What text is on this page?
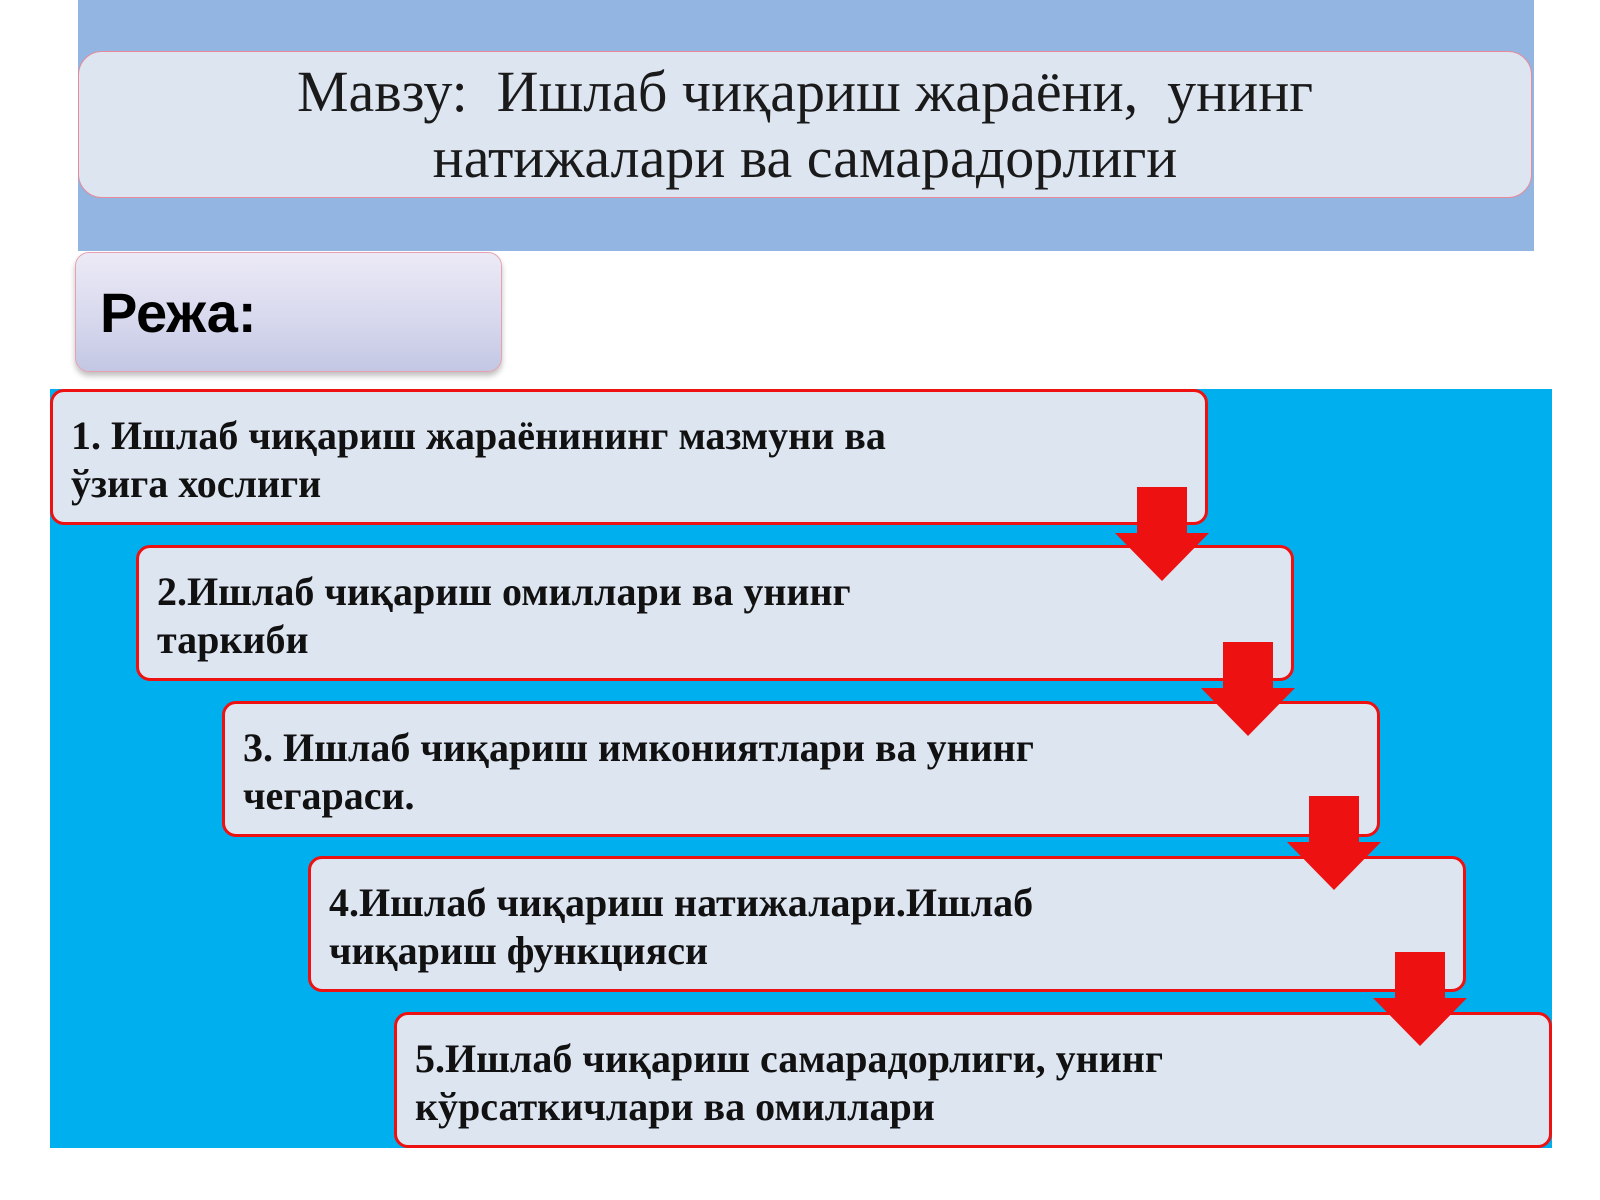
Мавзу:  Ишлаб чиқариш жараёни,  унинг
натижалари ва самарадорлиги
Режа:
1. Ишлаб чиқариш жараёнининг мазмуни ва
ўзига хослиги
2.Ишлаб чиқариш омиллари ва унинг
таркиби
3. Ишлаб чиқариш имкониятлари ва унинг
чегараси.
4.Ишлаб чиқариш натижалари.Ишлаб
чиқариш функцияси
5.Ишлаб чиқариш самарадорлиги, унинг
кўрсаткичлари ва омиллари
